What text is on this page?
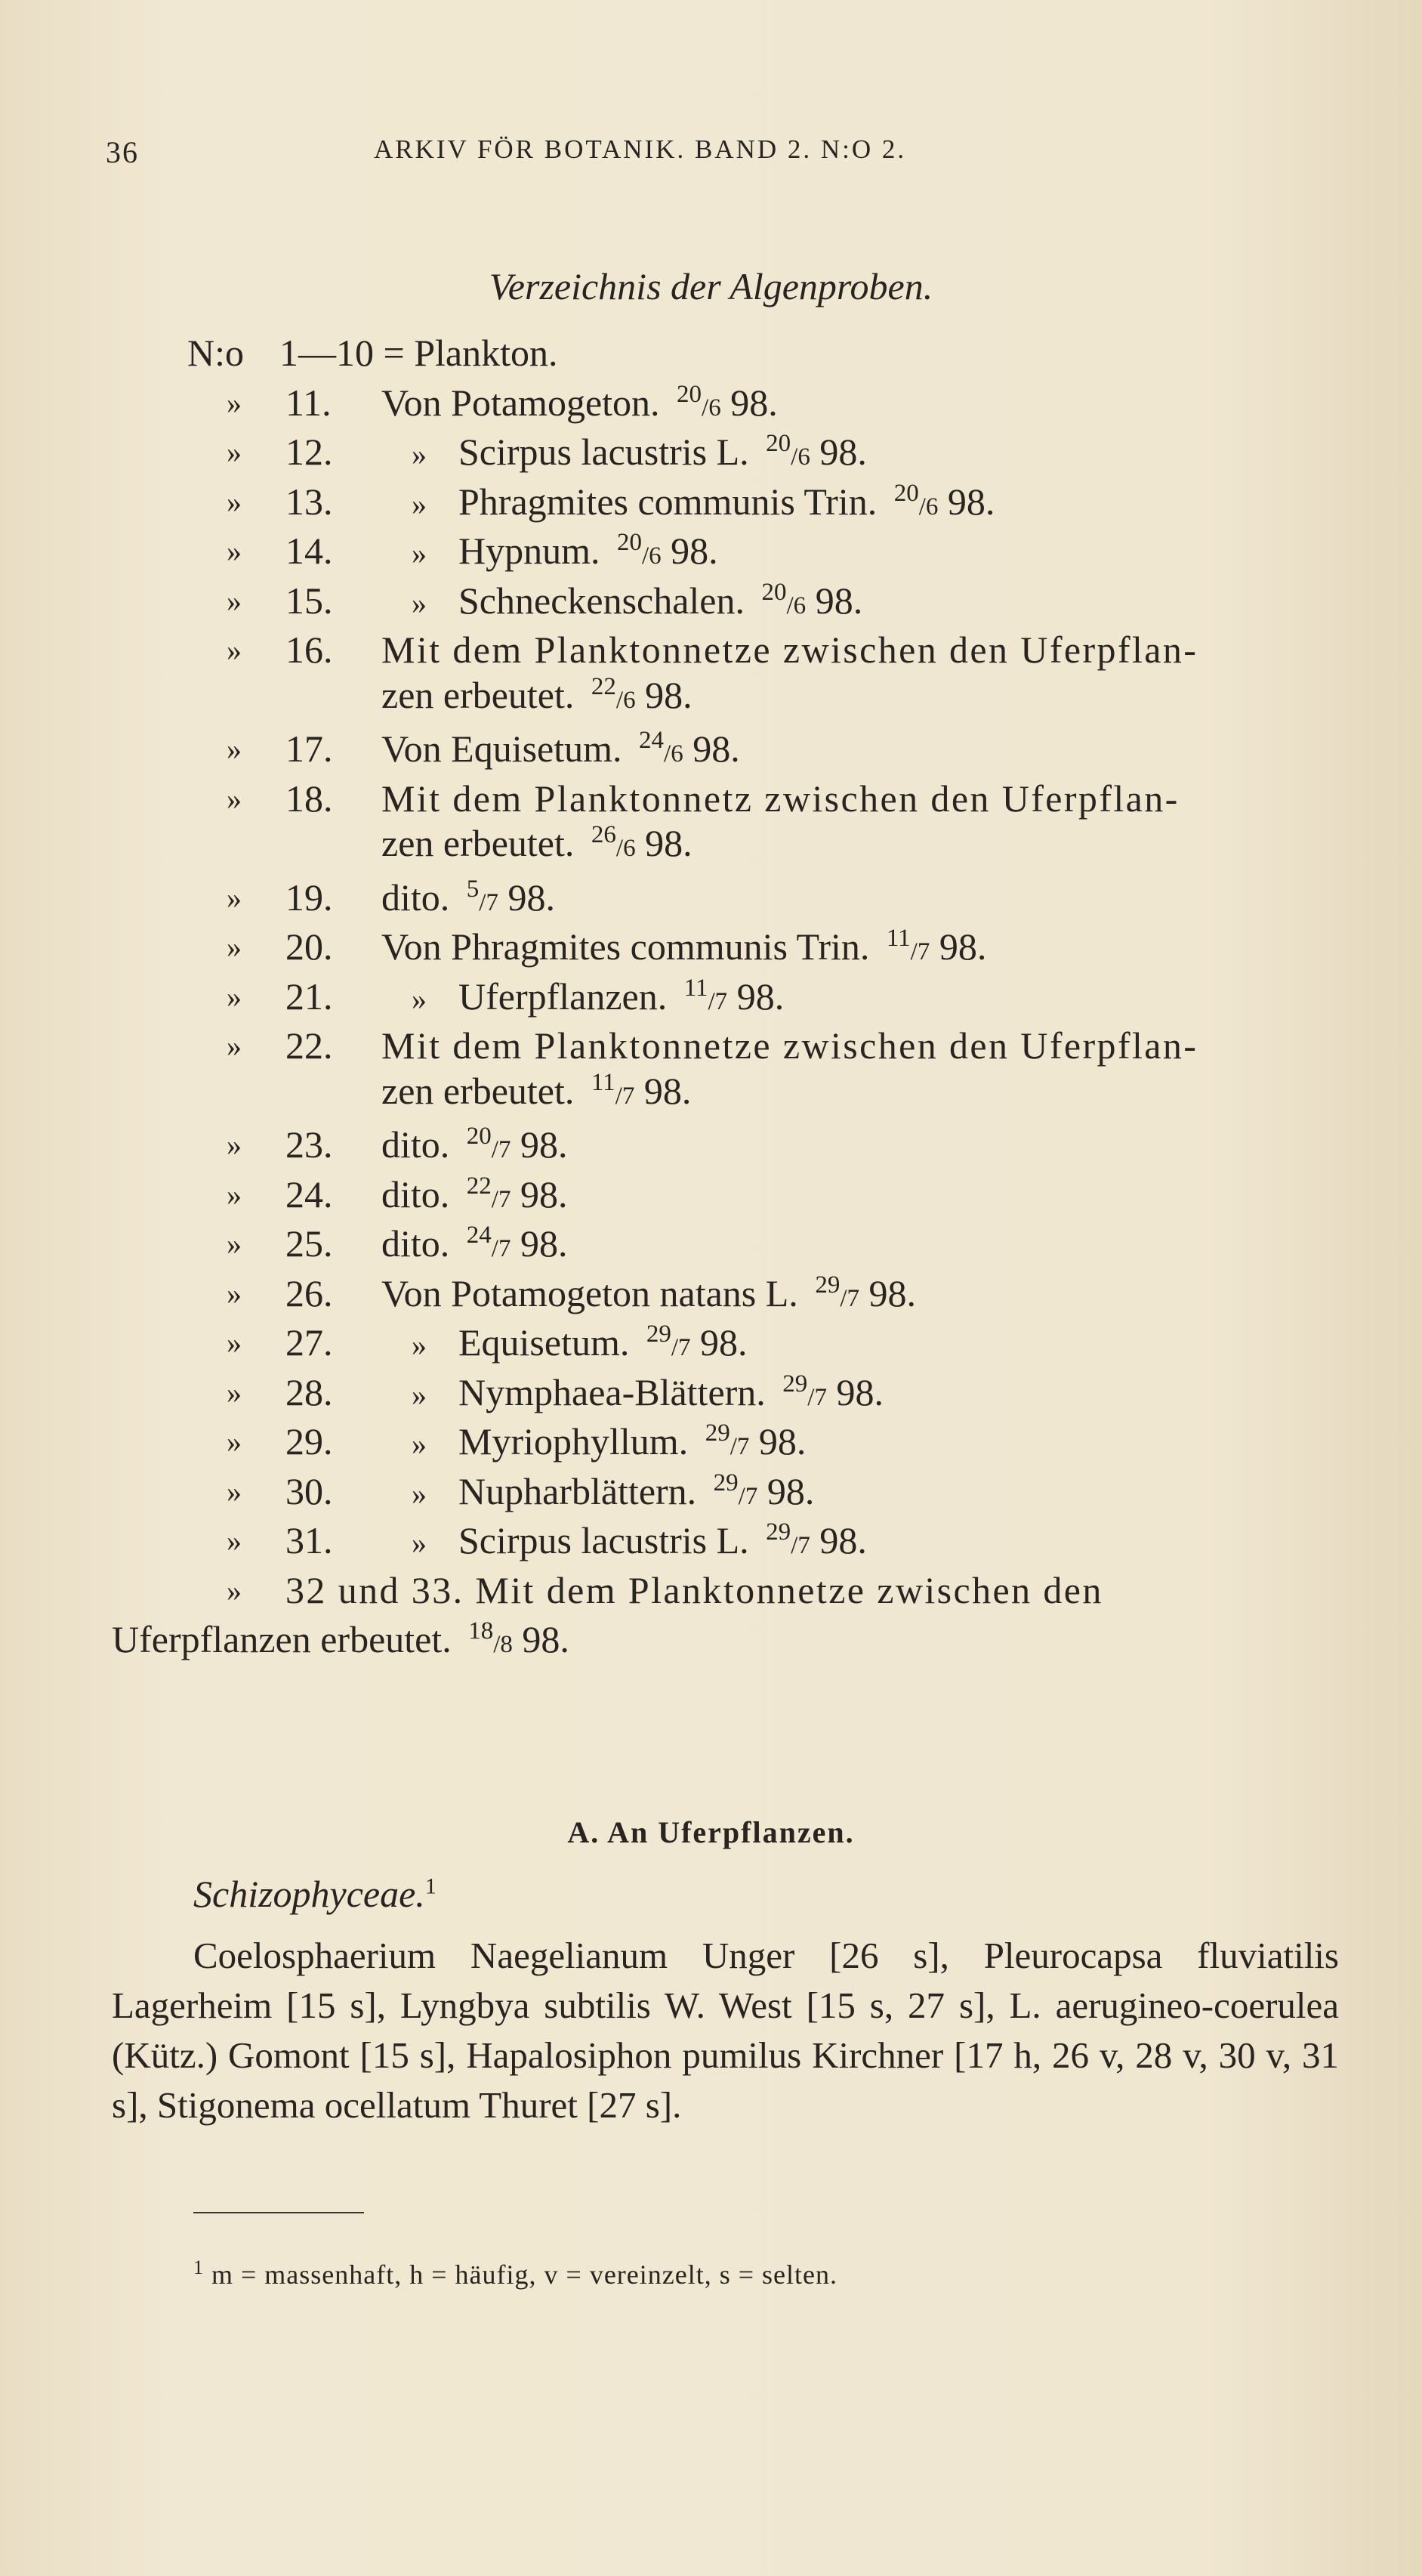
36	ARKIV FÖR BOTANIK. BAND 2. N:O 2.
Verzeichnis der Algenproben.
N:o 1—10 = Plankton.
» 11. Von Potamogeton. $^{20}$/6 98.
» 12.	» Scirpus lacustris L. $^{20}$/6 98.
» 13.	» Phragmites communis Trin. $^{20}$/6 98.
» 14.	» Hypnum. $^{20}$/6 98.
» 15.	» Schneckenschalen. $^{20}$/6 98.
» 16. Mit dem Planktonnetze zwischen den Uferpflan-
zen erbeutet. $^{22}$/6 98.
» 17. Von Equisetum. $^{24}$/6 98.
» 18. Mit dem Planktonnetz zwischen den Uferpflan-
zen erbeutet. $^{26}$/6 98.
» 19. dito. $^5$/7 98.
» 20. Von Phragmites communis Trin. $^{11}$/7 98.
» 21.	» Uferpflanzen. $^{11}$/7 98.
» 22. Mit dem Planktonnetze zwischen den Uferpflan-
zen erbeutet. $^{11}$/7 98.
» 23. dito. $^{20}$/7 98.
» 24. dito. $^{22}$/7 98.
» 25. dito. $^{24}$/7 98.
» 26. Von Potamogeton natans L. $^{29}$/7 98.
» 27.	» Equisetum. $^{29}$/7 98.
» 28.	» Nymphaea-Blättern. $^{29}$/7 98.
» 29.	» Myriophyllum. $^{29}$/7 98.
» 30.	» Nupharblättern. $^{29}$/7 98.
» 31.	» Scirpus lacustris L. $^{29}$/7 98.
» 32 und 33. Mit dem Planktonnetze zwischen den
Uferpflanzen erbeutet. $^{18}$/8 98.
A. An Uferpflanzen.
Schizophyceae.$^1$

Coelosphaerium Naegelianum Unger [26 s], Pleurocapsa fluviatilis Lagerheim [15 s], Lyngbya subtilis W. West [15 s, 27 s], L. aerugineo-coerulea (Kütz.) Gomont [15 s], Hapalosiphon pumilus Kirchner [17 h, 26 v, 28 v, 30 v, 31 s], Stigonema ocellatum Thuret [27 s].

$^1$ m = massenhaft, h = häufig, v = vereinzelt, s = selten.
